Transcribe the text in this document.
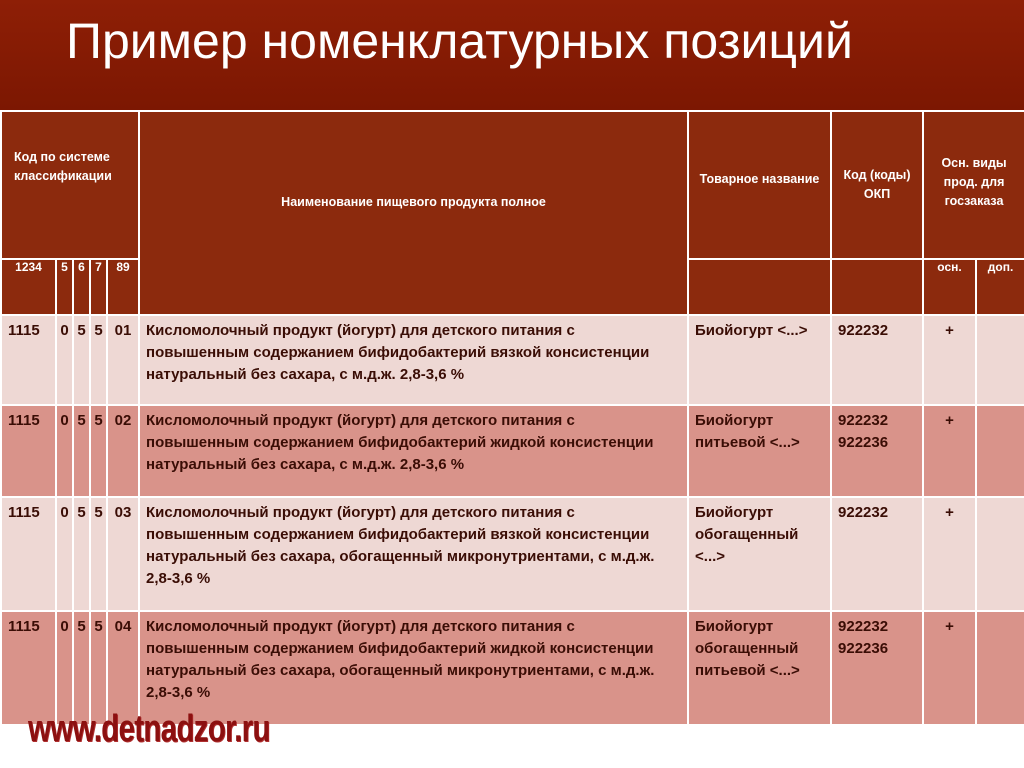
Пример номенклатурных позиций
Код по системе классификации					Наименование пищевого продукта полное	Товарное название	Код (коды) ОКП	Осн. виды прод. для госзаказа	
1234	5	6	7	89				осн.	доп.
1115	0	5	5	01	Кисломолочный продукт (йогурт) для детского питания с повышенным содержанием бифидобактерий вязкой консистенции натуральный без сахара, с м.д.ж. 2,8-3,6 %	Биойогурт <...>	922232	+	
1115	0	5	5	02	Кисломолочный продукт (йогурт) для детского питания с повышенным содержанием бифидобактерий жидкой консистенции натуральный без сахара, с м.д.ж. 2,8-3,6 %	Биойогурт питьевой <...>	922232 922236	+	
1115	0	5	5	03	Кисломолочный продукт (йогурт) для детского питания с повышенным содержанием бифидобактерий вязкой консистенции натуральный без сахара, обогащенный микронутриентами, с м.д.ж. 2,8-3,6 %	Биойогурт обогащенный <...>	922232	+	
1115	0	5	5	04	Кисломолочный продукт (йогурт) для детского питания с повышенным содержанием бифидобактерий жидкой консистенции натуральный без сахара, обогащенный микронутриентами, с м.д.ж. 2,8-3,6 %	Биойогурт обогащенный питьевой <...>	922232 922236	+	
www.detnadzor.ru
